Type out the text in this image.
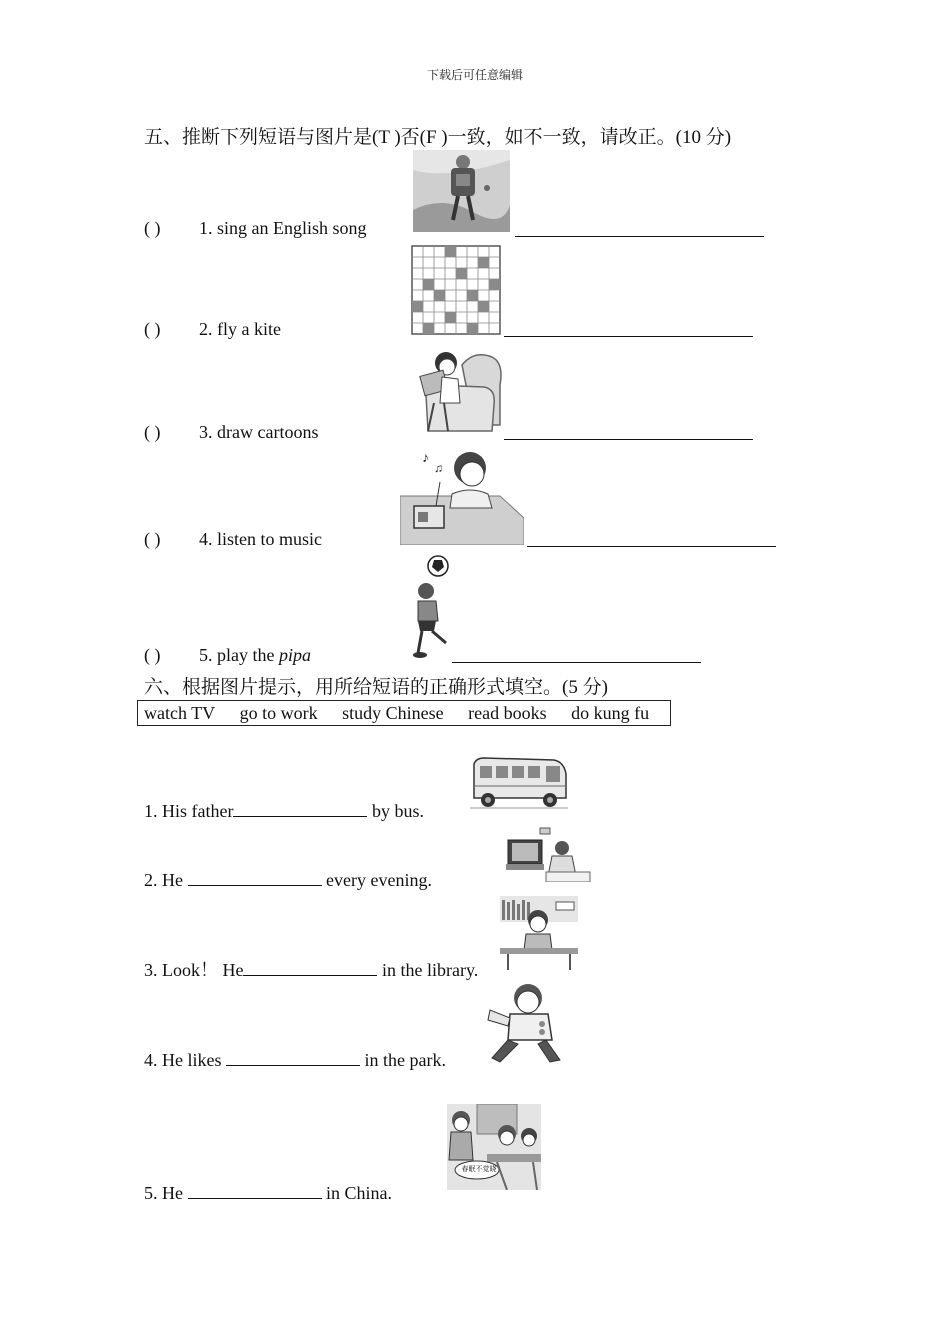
下载后可任意编辑
五、推断下列短语与图片是(T )否(F )一致，如不一致，请改正。(10 分)
( ) 1. sing an English song
( ) 2. fly a kite
( ) 3. draw cartoons
( ) 4. listen to music
♪
♫
( ) 5. play the pipa
六、根据图片提示，用所给短语的正确形式填空。(5 分)
watch TV go to work study Chinese read books do kung fu
1. His father	by bus.
2. He	every evening.
3. Look！ He	in the library.
4. He likes	in the park.
5. He	in China.
春眠不觉晓
